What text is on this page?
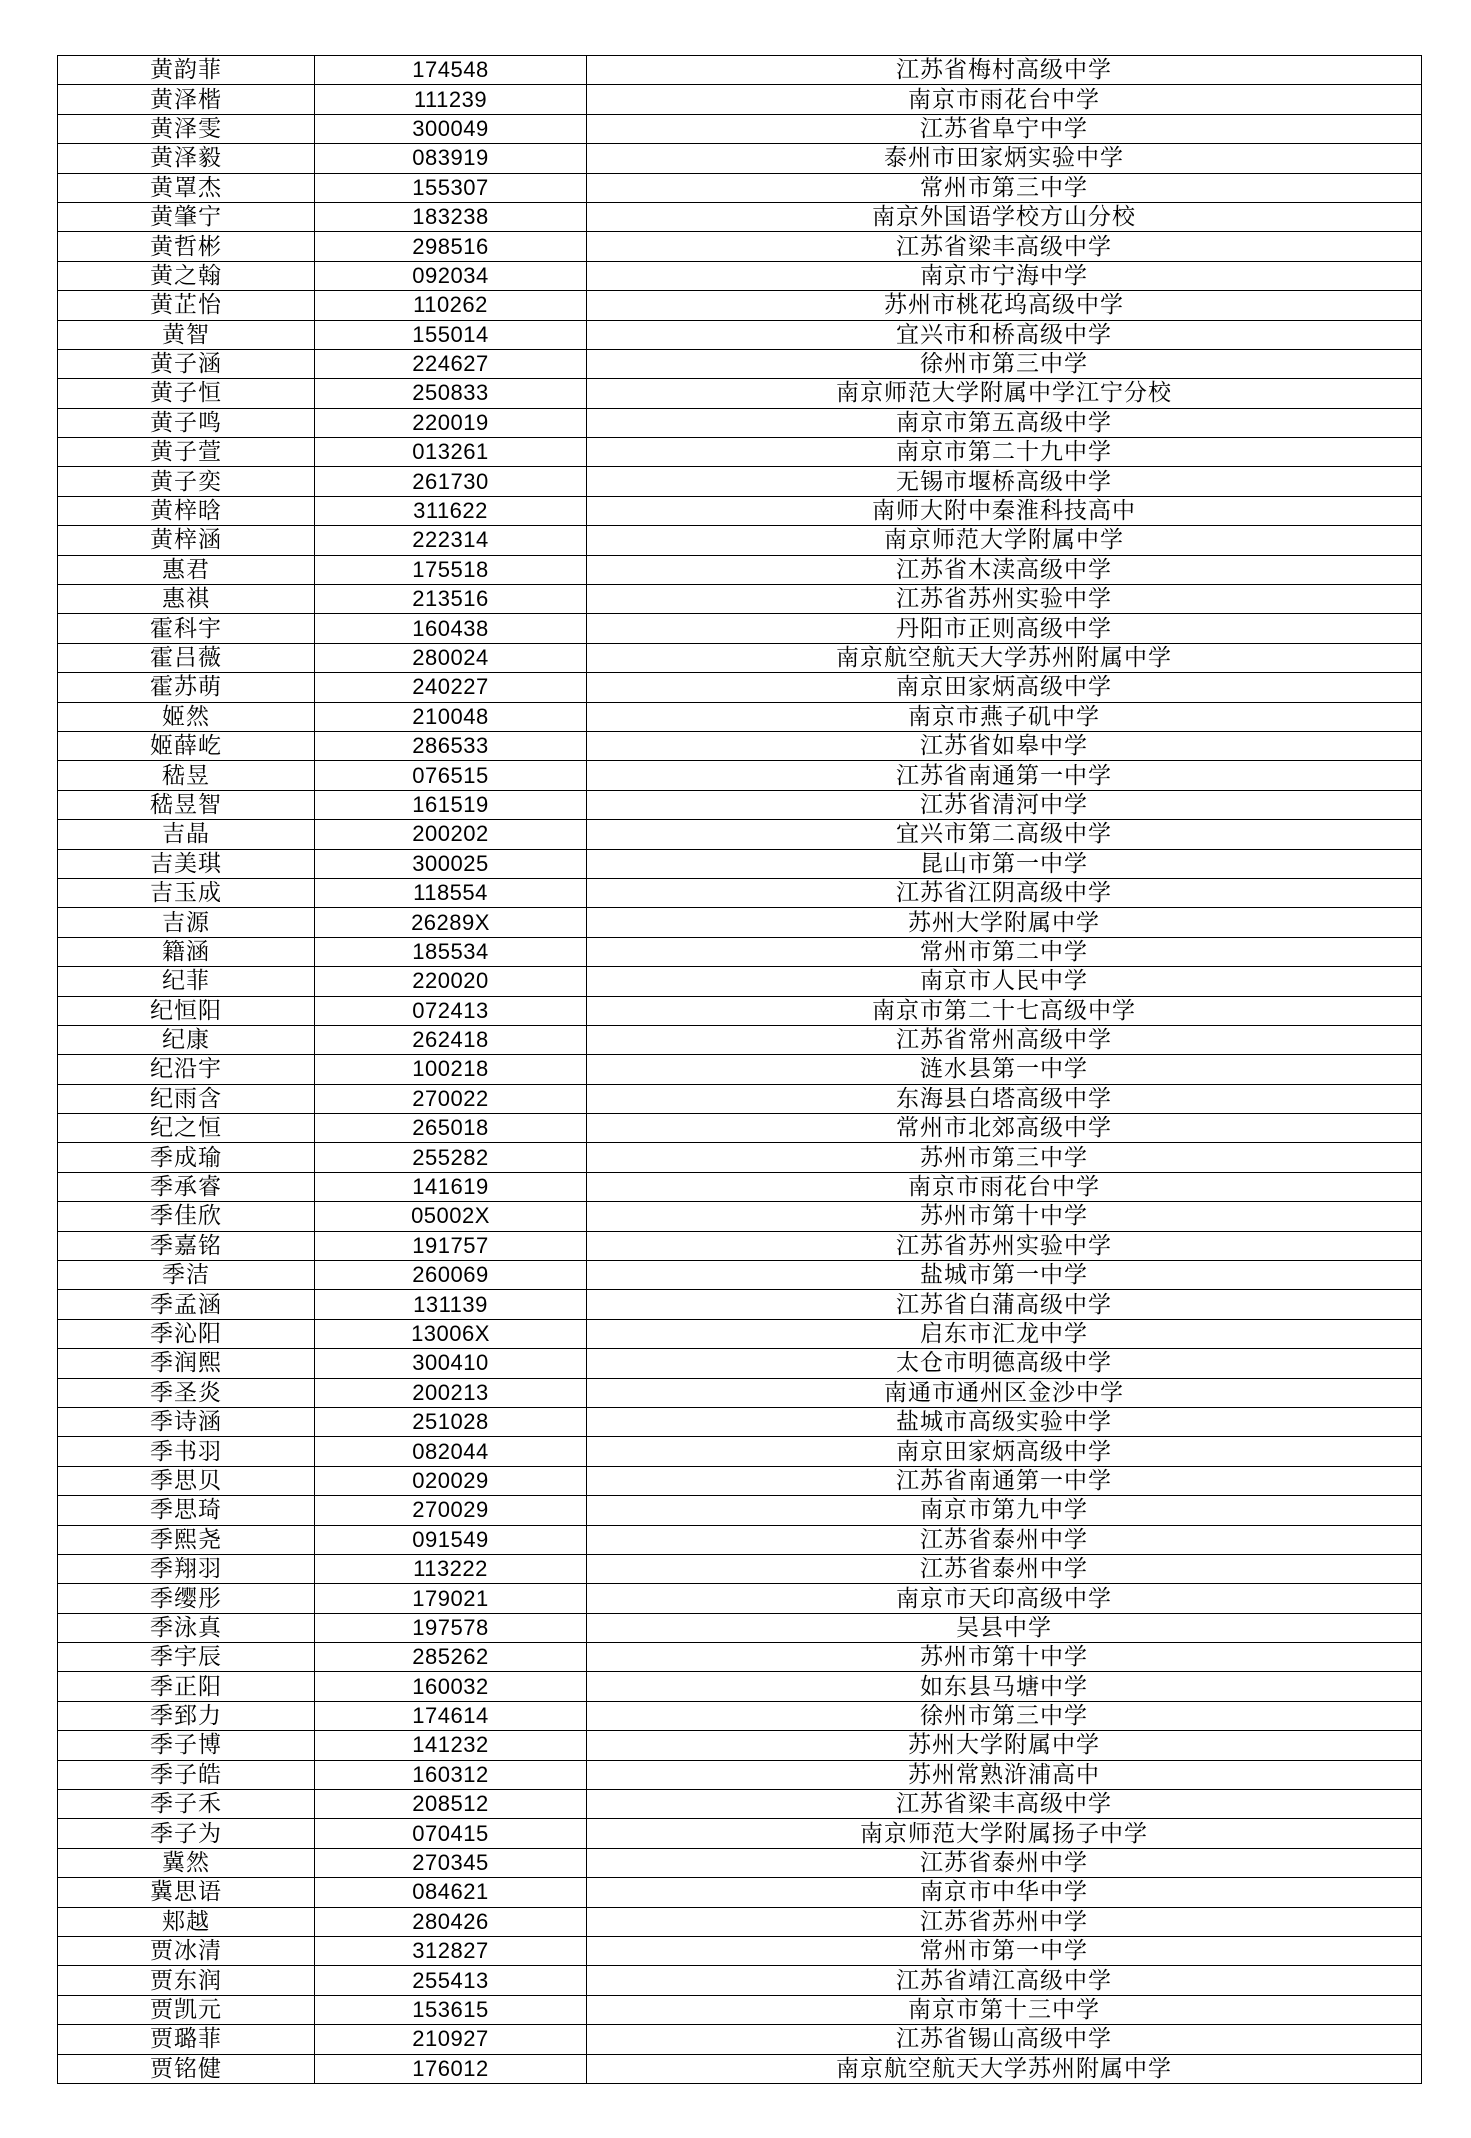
黄韵菲	174548	江苏省梅村高级中学
黄泽楷	111239	南京市雨花台中学
黄泽雯	300049	江苏省阜宁中学
黄泽毅	083919	泰州市田家炳实验中学
黄罩杰	155307	常州市第三中学
黄肇宁	183238	南京外国语学校方山分校
黄哲彬	298516	江苏省梁丰高级中学
黄之翰	092034	南京市宁海中学
黄芷怡	110262	苏州市桃花坞高级中学
黄智	155014	宜兴市和桥高级中学
黄子涵	224627	徐州市第三中学
黄子恒	250833	南京师范大学附属中学江宁分校
黄子鸣	220019	南京市第五高级中学
黄子萱	013261	南京市第二十九中学
黄子奕	261730	无锡市堰桥高级中学
黄梓晗	311622	南师大附中秦淮科技高中
黄梓涵	222314	南京师范大学附属中学
惠君	175518	江苏省木渎高级中学
惠祺	213516	江苏省苏州实验中学
霍科宇	160438	丹阳市正则高级中学
霍吕薇	280024	南京航空航天大学苏州附属中学
霍苏萌	240227	南京田家炳高级中学
姬然	210048	南京市燕子矶中学
姬薛屹	286533	江苏省如皋中学
嵇昱	076515	江苏省南通第一中学
嵇昱智	161519	江苏省清河中学
吉晶	200202	宜兴市第二高级中学
吉美琪	300025	昆山市第一中学
吉玉成	118554	江苏省江阴高级中学
吉源	26289X	苏州大学附属中学
籍涵	185534	常州市第二中学
纪菲	220020	南京市人民中学
纪恒阳	072413	南京市第二十七高级中学
纪康	262418	江苏省常州高级中学
纪沿宇	100218	涟水县第一中学
纪雨含	270022	东海县白塔高级中学
纪之恒	265018	常州市北郊高级中学
季成瑜	255282	苏州市第三中学
季承睿	141619	南京市雨花台中学
季佳欣	05002X	苏州市第十中学
季嘉铭	191757	江苏省苏州实验中学
季洁	260069	盐城市第一中学
季孟涵	131139	江苏省白蒲高级中学
季沁阳	13006X	启东市汇龙中学
季润熙	300410	太仓市明德高级中学
季圣炎	200213	南通市通州区金沙中学
季诗涵	251028	盐城市高级实验中学
季书羽	082044	南京田家炳高级中学
季思贝	020029	江苏省南通第一中学
季思琦	270029	南京市第九中学
季熙尧	091549	江苏省泰州中学
季翔羽	113222	江苏省泰州中学
季缨彤	179021	南京市天印高级中学
季泳真	197578	吴县中学
季宇辰	285262	苏州市第十中学
季正阳	160032	如东县马塘中学
季郅力	174614	徐州市第三中学
季子博	141232	苏州大学附属中学
季子皓	160312	苏州常熟浒浦高中
季子禾	208512	江苏省梁丰高级中学
季子为	070415	南京师范大学附属扬子中学
冀然	270345	江苏省泰州中学
冀思语	084621	南京市中华中学
郏越	280426	江苏省苏州中学
贾冰清	312827	常州市第一中学
贾东润	255413	江苏省靖江高级中学
贾凯元	153615	南京市第十三中学
贾璐菲	210927	江苏省锡山高级中学
贾铭健	176012	南京航空航天大学苏州附属中学
